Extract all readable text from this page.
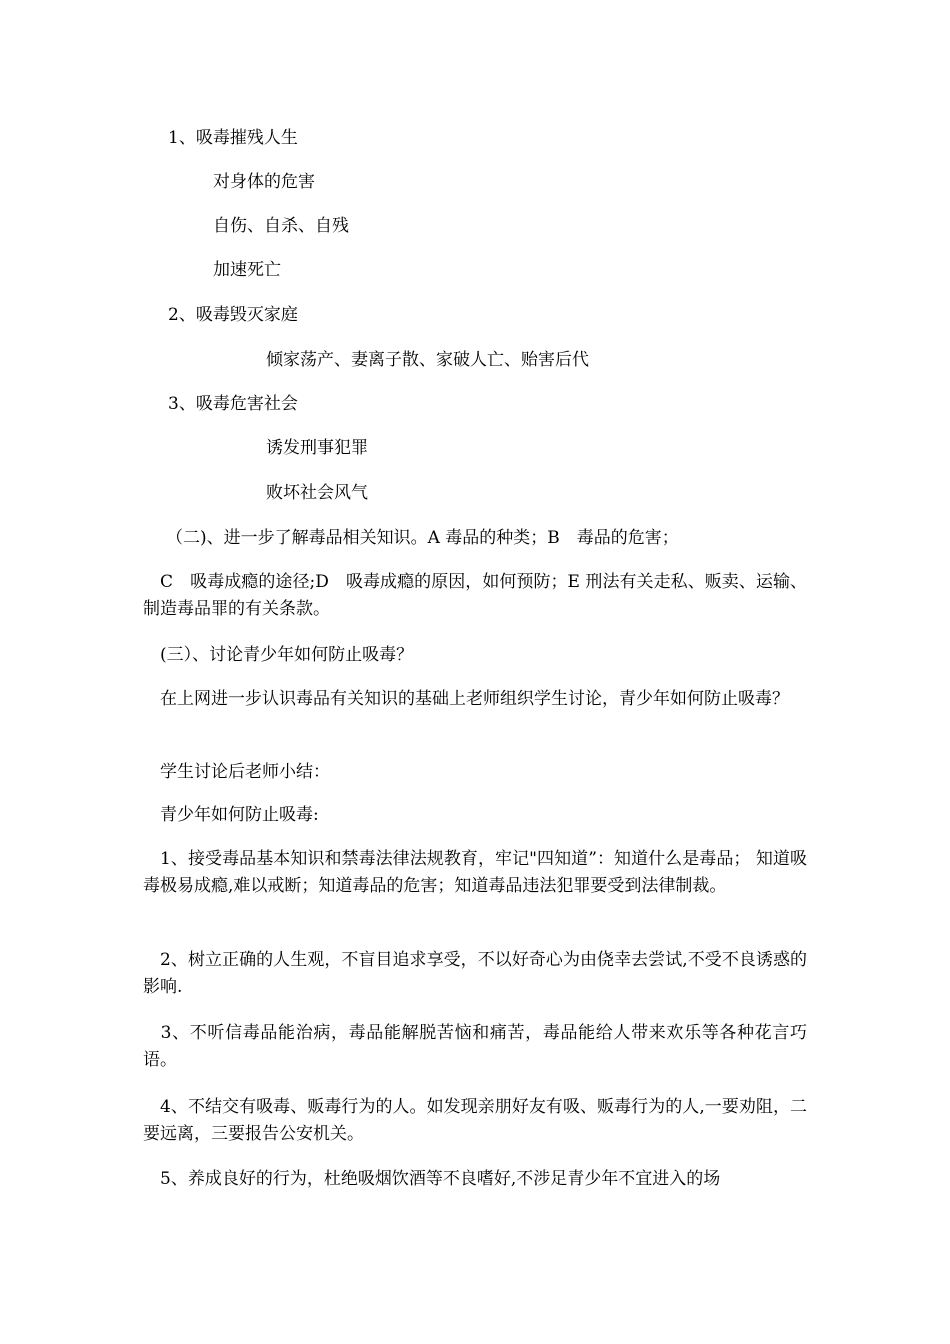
1、吸毒摧残人生
对身体的危害
自伤、自杀、自残
加速死亡
2、吸毒毁灭家庭
倾家荡产、妻离子散、家破人亡、贻害后代
3、吸毒危害社会
诱发刑事犯罪
败坏社会风气
（二)、进一步了解毒品相关知识。A 毒品的种类；B　毒品的危害；
　C　吸毒成瘾的途径;D　吸毒成瘾的原因，如何预防；E 刑法有关走私、贩卖、运输、制造毒品罪的有关条款。
(三）、讨论青少年如何防止吸毒？
　在上网进一步认识毒品有关知识的基础上老师组织学生讨论，青少年如何防止吸毒？
　学生讨论后老师小结：
　青少年如何防止吸毒:
　1、接受毒品基本知识和禁毒法律法规教育，牢记"四知道”：知道什么是毒品； 知道吸毒极易成瘾,难以戒断；知道毒品的危害；知道毒品违法犯罪要受到法律制裁。
　2、树立正确的人生观，不盲目追求享受，不以好奇心为由侥幸去尝试,不受不良诱惑的影响.
　3、不听信毒品能治病，毒品能解脱苦恼和痛苦，毒品能给人带来欢乐等各种花言巧语。
　4、不结交有吸毒、贩毒行为的人。如发现亲朋好友有吸、贩毒行为的人,一要劝阻，二要远离，三要报告公安机关。
　5、养成良好的行为，杜绝吸烟饮酒等不良嗜好,不涉足青少年不宜进入的场
